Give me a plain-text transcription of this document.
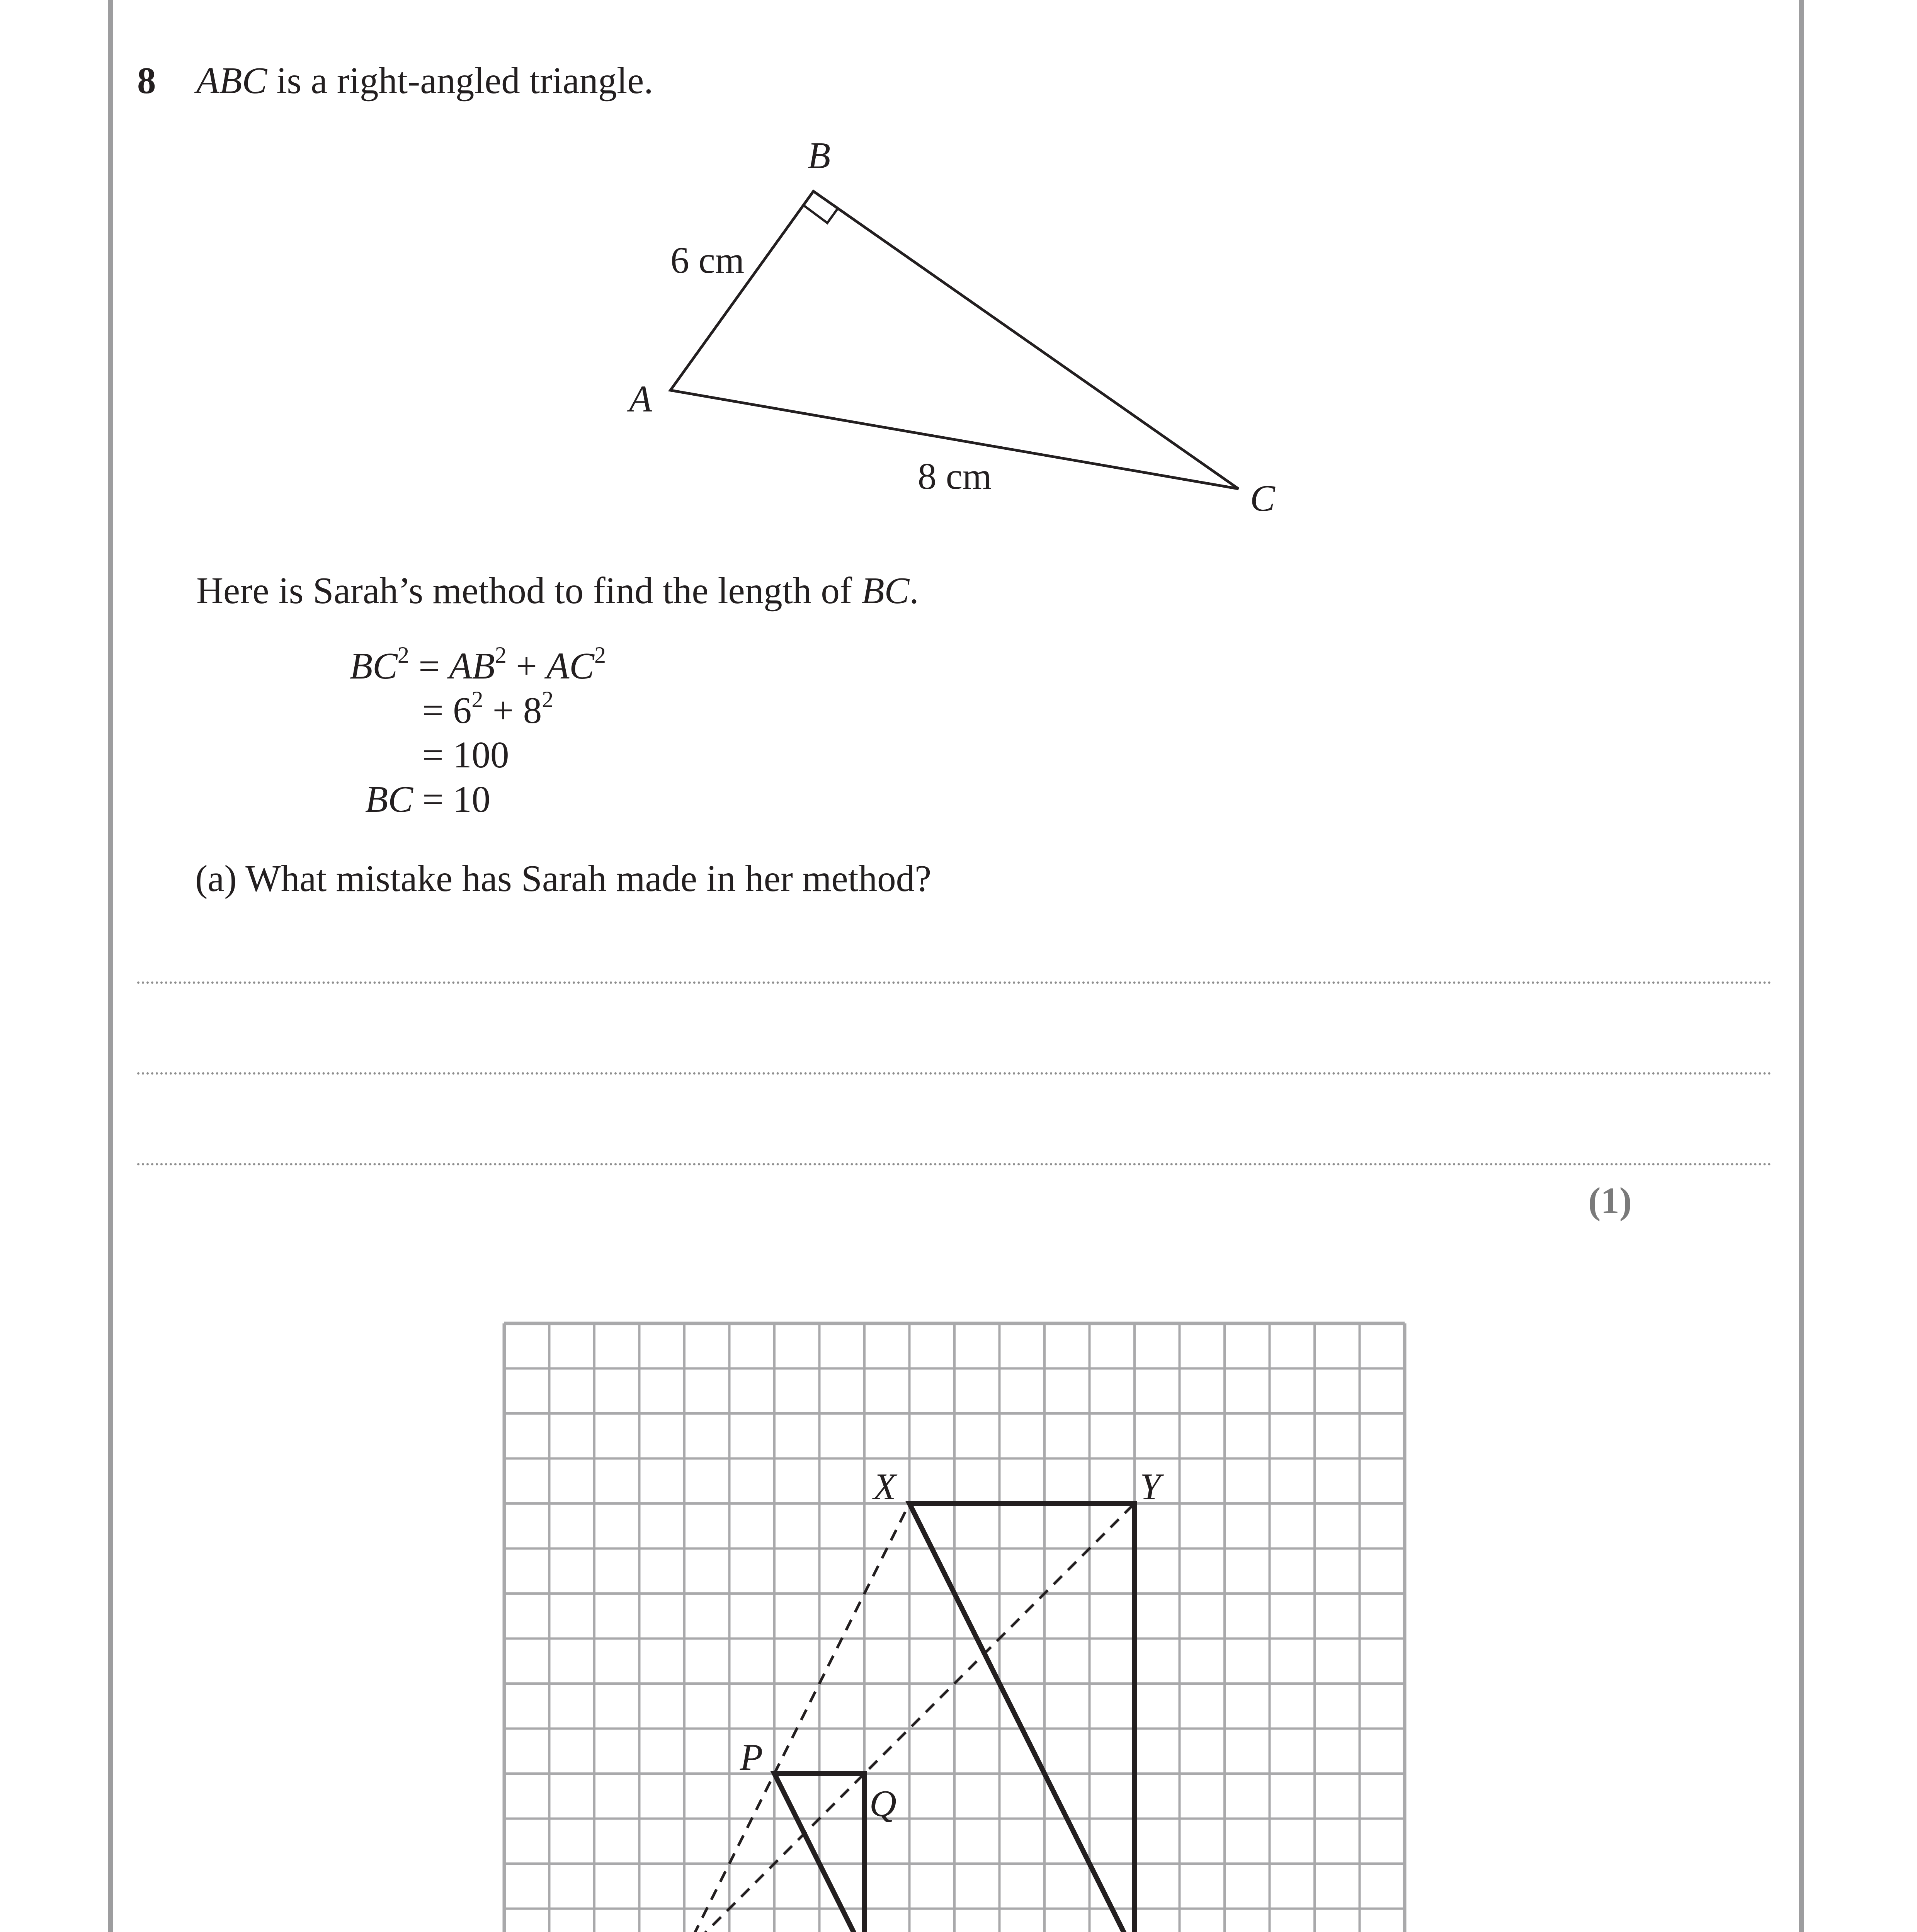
8 ABC is a right-angled triangle.
B
A
C
6 cm
8 cm
Here is Sarah’s method to find the length of BC.
$BC^2 = AB^2 + AC^2$
= $6^2 + 8^2$
= 100
BC = 10
(a) What mistake has Sarah made in her method?
(1)
P
Q
X	Y
